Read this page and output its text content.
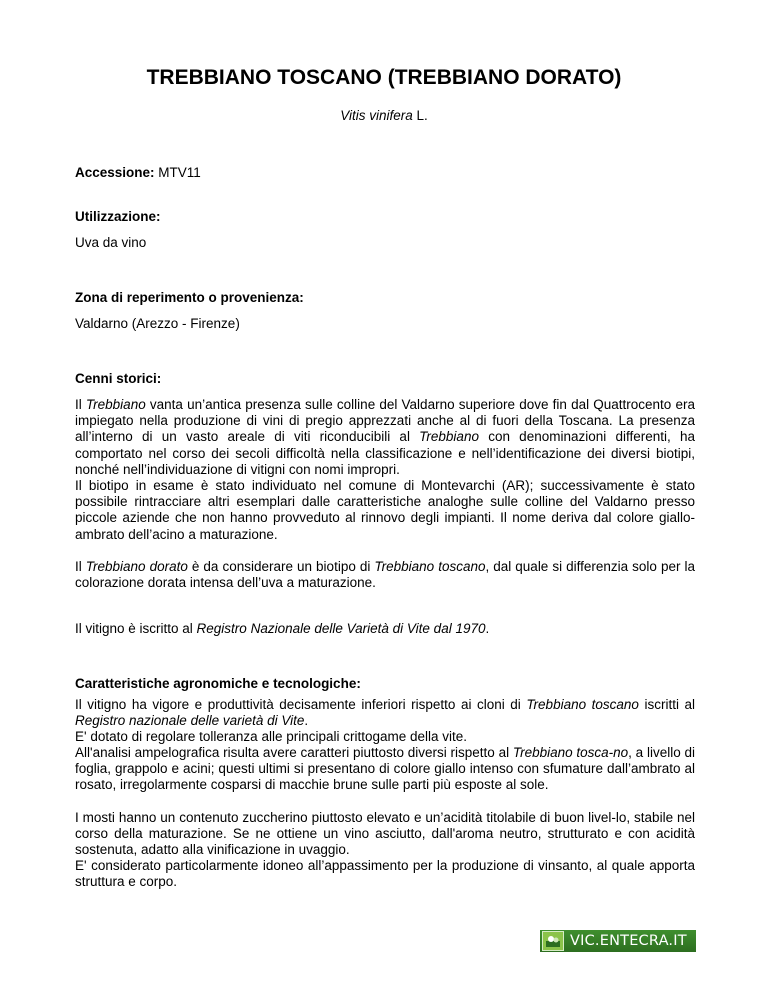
TREBBIANO TOSCANO (TREBBIANO DORATO)
Vitis vinifera L.
Accessione: MTV11
Utilizzazione:
Uva da vino
Zona di reperimento o provenienza:
Valdarno (Arezzo - Firenze)
Cenni storici:
Il Trebbiano vanta un’antica presenza sulle colline del Valdarno superiore dove fin dal Quattrocento era impiegato nella produzione di vini di pregio apprezzati anche al di fuori della Toscana. La presenza all’interno di un vasto areale di viti riconducibili al Trebbiano con denominazioni differenti, ha comportato nel corso dei secoli difficoltà nella classificazione e nell’identificazione dei diversi biotipi, nonché nell’individuazione di vitigni con nomi impropri.
Il biotipo in esame è stato individuato nel comune di Montevarchi (AR); successivamente è stato possibile rintracciare altri esemplari dalle caratteristiche analoghe sulle colline del Valdarno presso piccole aziende che non hanno provveduto al rinnovo degli impianti. Il nome deriva dal colore giallo-ambrato dell’acino a maturazione.
Il Trebbiano dorato è da considerare un biotipo di Trebbiano toscano, dal quale si differenzia solo per la colorazione dorata intensa dell’uva a maturazione.
Il vitigno è iscritto al Registro Nazionale delle Varietà di Vite dal 1970.
Caratteristiche agronomiche e tecnologiche:
Il vitigno ha vigore e produttività decisamente inferiori rispetto ai cloni di Trebbiano toscano iscritti al Registro nazionale delle varietà di Vite.
E' dotato di regolare tolleranza alle principali crittogame della vite.
All'analisi ampelografica risulta avere caratteri piuttosto diversi rispetto al Trebbiano tosca-no, a livello di foglia, grappolo e acini; questi ultimi si presentano di colore giallo intenso con sfumature dall’ambrato al rosato, irregolarmente cosparsi di macchie brune sulle parti più esposte al sole.
I mosti hanno un contenuto zuccherino piuttosto elevato e un’acidità titolabile di buon livel-lo, stabile nel corso della maturazione. Se ne ottiene un vino asciutto, dall'aroma neutro, strutturato e con acidità sostenuta, adatto alla vinificazione in uvaggio.
E' considerato particolarmente idoneo all’appassimento per la produzione di vinsanto, al quale apporta struttura e corpo.
VIC.ENTECRA.IT
